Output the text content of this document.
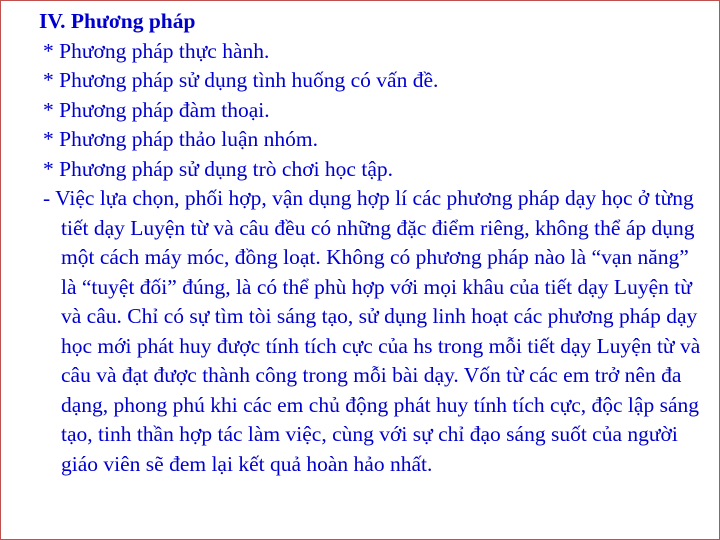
IV. Phương pháp

* Phương pháp thực hành.

* Phương pháp sử dụng tình huống có vấn đề.

* Phương pháp đàm thoại.

* Phương pháp thảo luận nhóm.

* Phương pháp sử dụng trò chơi học tập.

- Việc lựa chọn, phối hợp, vận dụng hợp lí các phương pháp dạy học ở từng tiết dạy Luyện từ và câu đều có những đặc điểm riêng, không thể áp dụng một cách máy móc, đồng loạt. Không có phương pháp nào là “vạn năng” là “tuyệt đối” đúng, là có thể phù hợp với mọi khâu của tiết dạy Luyện từ và câu. Chỉ có sự tìm tòi sáng tạo, sử dụng linh hoạt các phương pháp dạy học mới phát huy được tính tích cực của hs trong mỗi tiết dạy Luyện từ và câu và đạt được thành công trong mỗi bài dạy. Vốn từ các em trở nên đa dạng, phong phú khi các em chủ động phát huy tính tích cực, độc lập sáng tạo, tinh thần hợp tác làm việc, cùng với sự chỉ đạo sáng suốt của người giáo viên sẽ đem lại kết quả hoàn hảo nhất.
